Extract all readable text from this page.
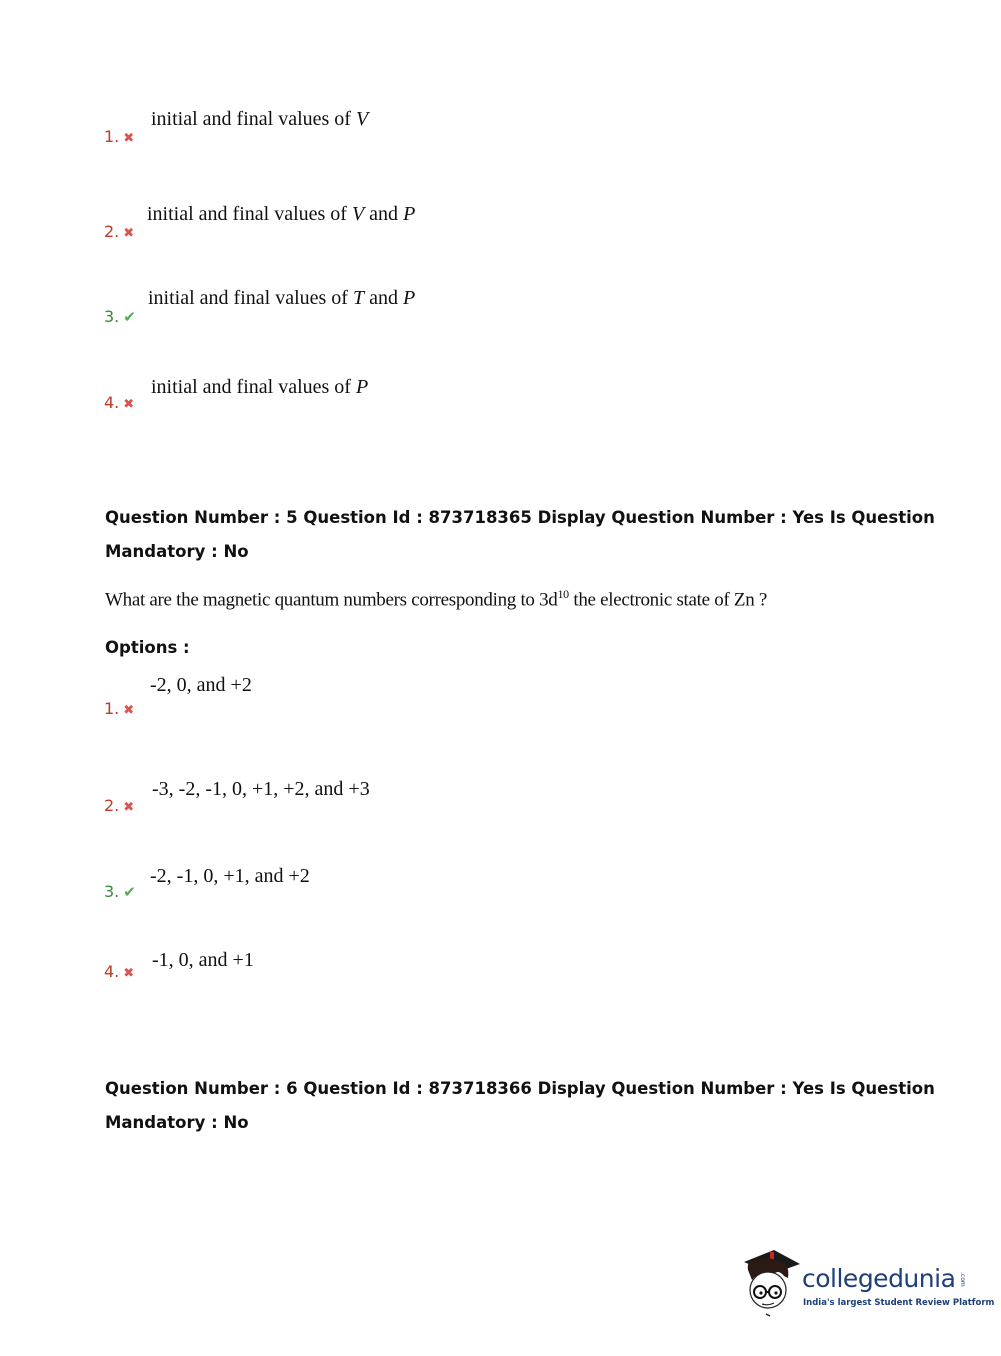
1. ✖
initial and final values of V
2. ✖
initial and final values of V and P
3. ✔
initial and final values of T and P
4. ✖
initial and final values of P
Question Number : 5 Question Id : 873718365 Display Question Number : Yes Is Question
Mandatory : No
What are the magnetic quantum numbers corresponding to $3d^{10}$ the electronic state of Zn ?
Options :
1. ✖
-2, 0, and +2
2. ✖
-3, -2, -1, 0, +1, +2, and +3
3. ✔
-2, -1, 0, +1, and +2
4. ✖
-1, 0, and +1
Question Number : 6 Question Id : 873718366 Display Question Number : Yes Is Question
Mandatory : No
collegedunia .com
India's largest Student Review Platform
